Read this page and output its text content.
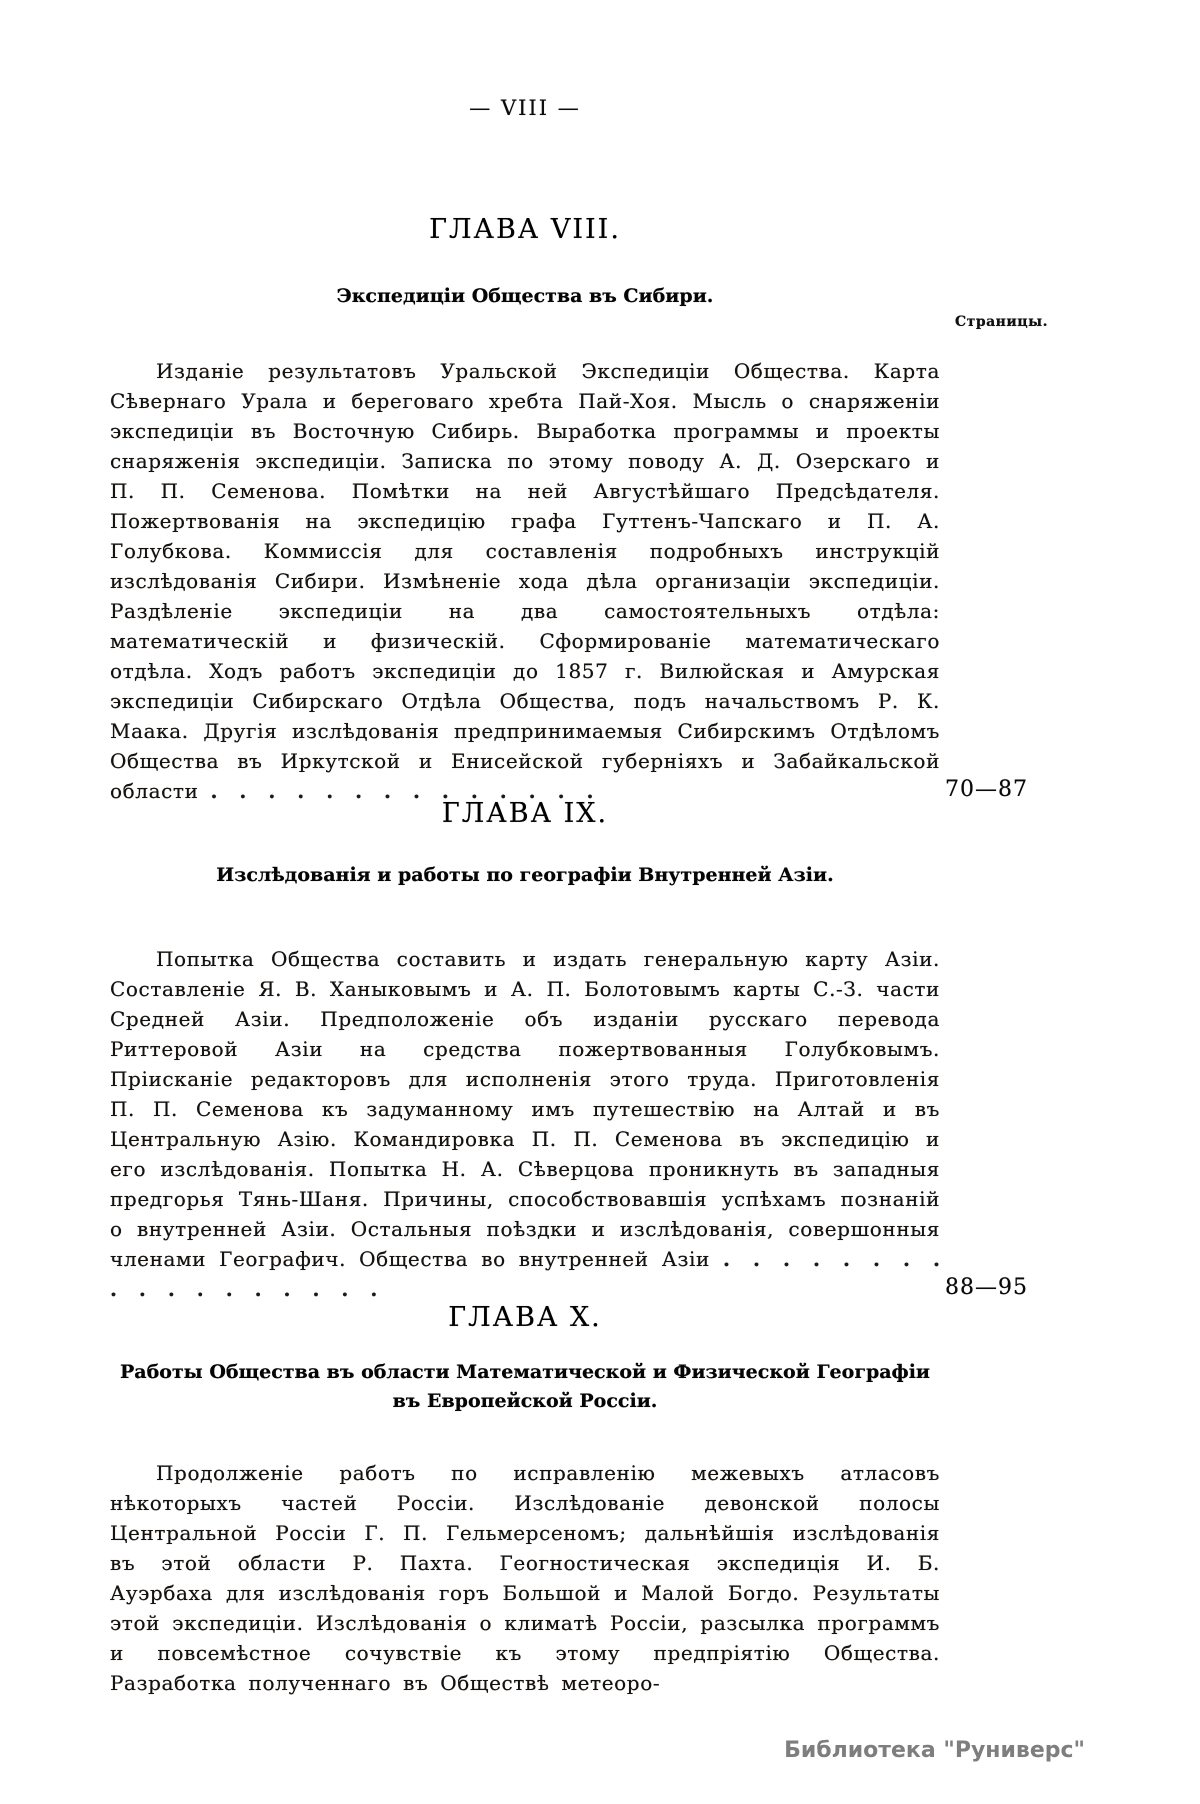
— VIII —
ГЛАВА VIII.
Экспедиціи Общества въ Сибири.
Страницы.

Изданіе результатовъ Уральской Экспедиціи Общества. Карта Сѣвернаго Урала и береговаго хребта Пай-Хоя. Мысль о снаряженіи экспедиціи въ Восточную Сибирь. Выработка программы и проекты снаряженія экспедиціи. Записка по этому поводу А. Д. Озерскаго и П. П. Семенова. Помѣтки на ней Августѣйшаго Предсѣдателя. Пожертвованія на экспедицію графа Гуттенъ-Чапскаго и П. А. Голубкова. Коммиссія для составленія подробныхъ инструкцій изслѣдованія Сибири. Измѣненіе хода дѣла организаціи экспедиціи. Раздѣленіе экспедиціи на два самостоятельныхъ отдѣла: математическій и физическій. Сформированіе математическаго отдѣла. Ходъ работъ экспедиціи до 1857 г. Вилюйская и Амурская экспедиціи Сибирскаго Отдѣла Общества, подъ начальствомъ Р. К. Маака. Другія изслѣдованія предпринимаемыя Сибирскимъ Отдѣломъ Общества въ Иркутской и Енисейской губерніяхъ и Забайкальской области . . . . . . . . . . . . . .	70—87

ГЛАВА IX.
Изслѣдованія и работы по географіи Внутренней Азіи.

Попытка Общества составить и издать генеральную карту Азіи. Составленіе Я. В. Ханыковымъ и А. П. Болотовымъ карты С.-З. части Средней Азіи. Предположеніе объ изданіи русскаго перевода Риттеровой Азіи на средства пожертвованныя Голубковымъ. Пріисканіе редакторовъ для исполненія этого труда. Приготовленія П. П. Семенова къ задуманному имъ путешествію на Алтай и въ Центральную Азію. Командировка П. П. Семенова въ экспедицію и его изслѣдованія. Попытка Н. А. Сѣверцова проникнуть въ западныя предгорья Тянь-Шаня. Причины, способствовавшія успѣхамъ познаній о внутренней Азіи. Остальныя поѣздки и изслѣдованія, совершонныя членами Географич. Общества во внутренней Азіи . . . . . . . . . . . . . . . . . .	88—95

ГЛАВА X.
Работы Общества въ области Математической и Физической Географіи въ Европейской Россіи.

Продолженіе работъ по исправленію межевыхъ атласовъ нѣкоторыхъ частей Россіи. Изслѣдованіе девонской полосы Центральной Россіи Г. П. Гельмерсеномъ; дальнѣйшія изслѣдованія въ этой области Р. Пахта. Геогностическая экспедиція И. Б. Ауэрбаха для изслѣдованія горъ Большой и Малой Богдо. Результаты этой экспедиціи. Изслѣдованія о климатѣ Россіи, разсылка программъ и повсемѣстное сочувствіе къ этому предпріятію Общества. Разработка полученнаго въ Обществѣ метеоро-

Библиотека "Руниверс"
